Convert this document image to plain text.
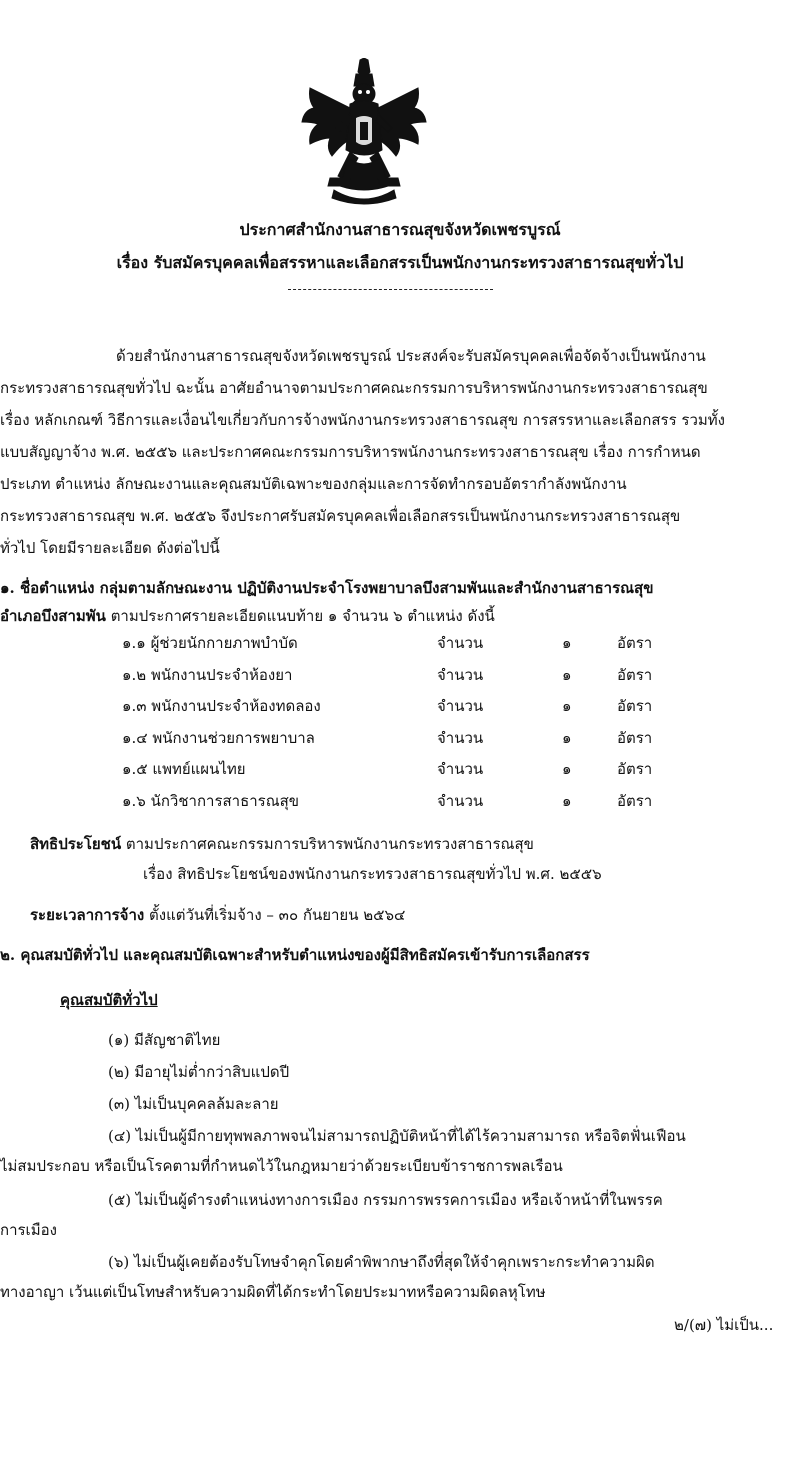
ประกาศสำนักงานสาธารณสุขจังหวัดเพชรบูรณ์
เรื่อง รับสมัครบุคคลเพื่อสรรหาและเลือกสรรเป็นพนักงานกระทรวงสาธารณสุขทั่วไป
ด้วยสำนักงานสาธารณสุขจังหวัดเพชรบูรณ์ ประสงค์จะรับสมัครบุคคลเพื่อจัดจ้างเป็นพนักงาน
กระทรวงสาธารณสุขทั่วไป ฉะนั้น อาศัยอำนาจตามประกาศคณะกรรมการบริหารพนักงานกระทรวงสาธารณสุข
เรื่อง หลักเกณฑ์ วิธีการและเงื่อนไขเกี่ยวกับการจ้างพนักงานกระทรวงสาธารณสุข การสรรหาและเลือกสรร รวมทั้ง
แบบสัญญาจ้าง พ.ศ. ๒๕๕๖ และประกาศคณะกรรมการบริหารพนักงานกระทรวงสาธารณสุข เรื่อง การกำหนด
ประเภท ตำแหน่ง ลักษณะงานและคุณสมบัติเฉพาะของกลุ่มและการจัดทำกรอบอัตรากำลังพนักงาน
กระทรวงสาธารณสุข พ.ศ. ๒๕๕๖ จึงประกาศรับสมัครบุคคลเพื่อเลือกสรรเป็นพนักงานกระทรวงสาธารณสุข
ทั่วไป โดยมีรายละเอียด ดังต่อไปนี้
๑. ชื่อตำแหน่ง กลุ่มตามลักษณะงาน ปฏิบัติงานประจำโรงพยาบาลบึงสามพันและสำนักงานสาธารณสุข
อำเภอบึงสามพัน ตามประกาศรายละเอียดแนบท้าย ๑ จำนวน ๖ ตำแหน่ง ดังนี้
๑.๑ ผู้ช่วยนักกายภาพบำบัด	จำนวน	๑	อัตรา
๑.๒ พนักงานประจำห้องยา	จำนวน	๑	อัตรา
๑.๓ พนักงานประจำห้องทดลอง	จำนวน	๑	อัตรา
๑.๔ พนักงานช่วยการพยาบาล	จำนวน	๑	อัตรา
๑.๕ แพทย์แผนไทย	จำนวน	๑	อัตรา
๑.๖ นักวิชาการสาธารณสุข	จำนวน	๑	อัตรา
สิทธิประโยชน์ ตามประกาศคณะกรรมการบริหารพนักงานกระทรวงสาธารณสุข
เรื่อง สิทธิประโยชน์ของพนักงานกระทรวงสาธารณสุขทั่วไป พ.ศ. ๒๕๕๖
ระยะเวลาการจ้าง ตั้งแต่วันที่เริ่มจ้าง – ๓๐ กันยายน ๒๕๖๔
๒. คุณสมบัติทั่วไป และคุณสมบัติเฉพาะสำหรับตำแหน่งของผู้มีสิทธิสมัครเข้ารับการเลือกสรร
คุณสมบัติทั่วไป
(๑) มีสัญชาติไทย
(๒) มีอายุไม่ต่ำกว่าสิบแปดปี
(๓) ไม่เป็นบุคคลล้มละลาย
(๔) ไม่เป็นผู้มีกายทุพพลภาพจนไม่สามารถปฏิบัติหน้าที่ได้ไร้ความสามารถ หรือจิตฟั่นเฟือน
ไม่สมประกอบ หรือเป็นโรคตามที่กำหนดไว้ในกฎหมายว่าด้วยระเบียบข้าราชการพลเรือน
(๕) ไม่เป็นผู้ดำรงตำแหน่งทางการเมือง กรรมการพรรคการเมือง หรือเจ้าหน้าที่ในพรรค
การเมือง
(๖) ไม่เป็นผู้เคยต้องรับโทษจำคุกโดยคำพิพากษาถึงที่สุดให้จำคุกเพราะกระทำความผิด
ทางอาญา เว้นแต่เป็นโทษสำหรับความผิดที่ได้กระทำโดยประมาทหรือความผิดลหุโทษ
๒/(๗) ไม่เป็น...
